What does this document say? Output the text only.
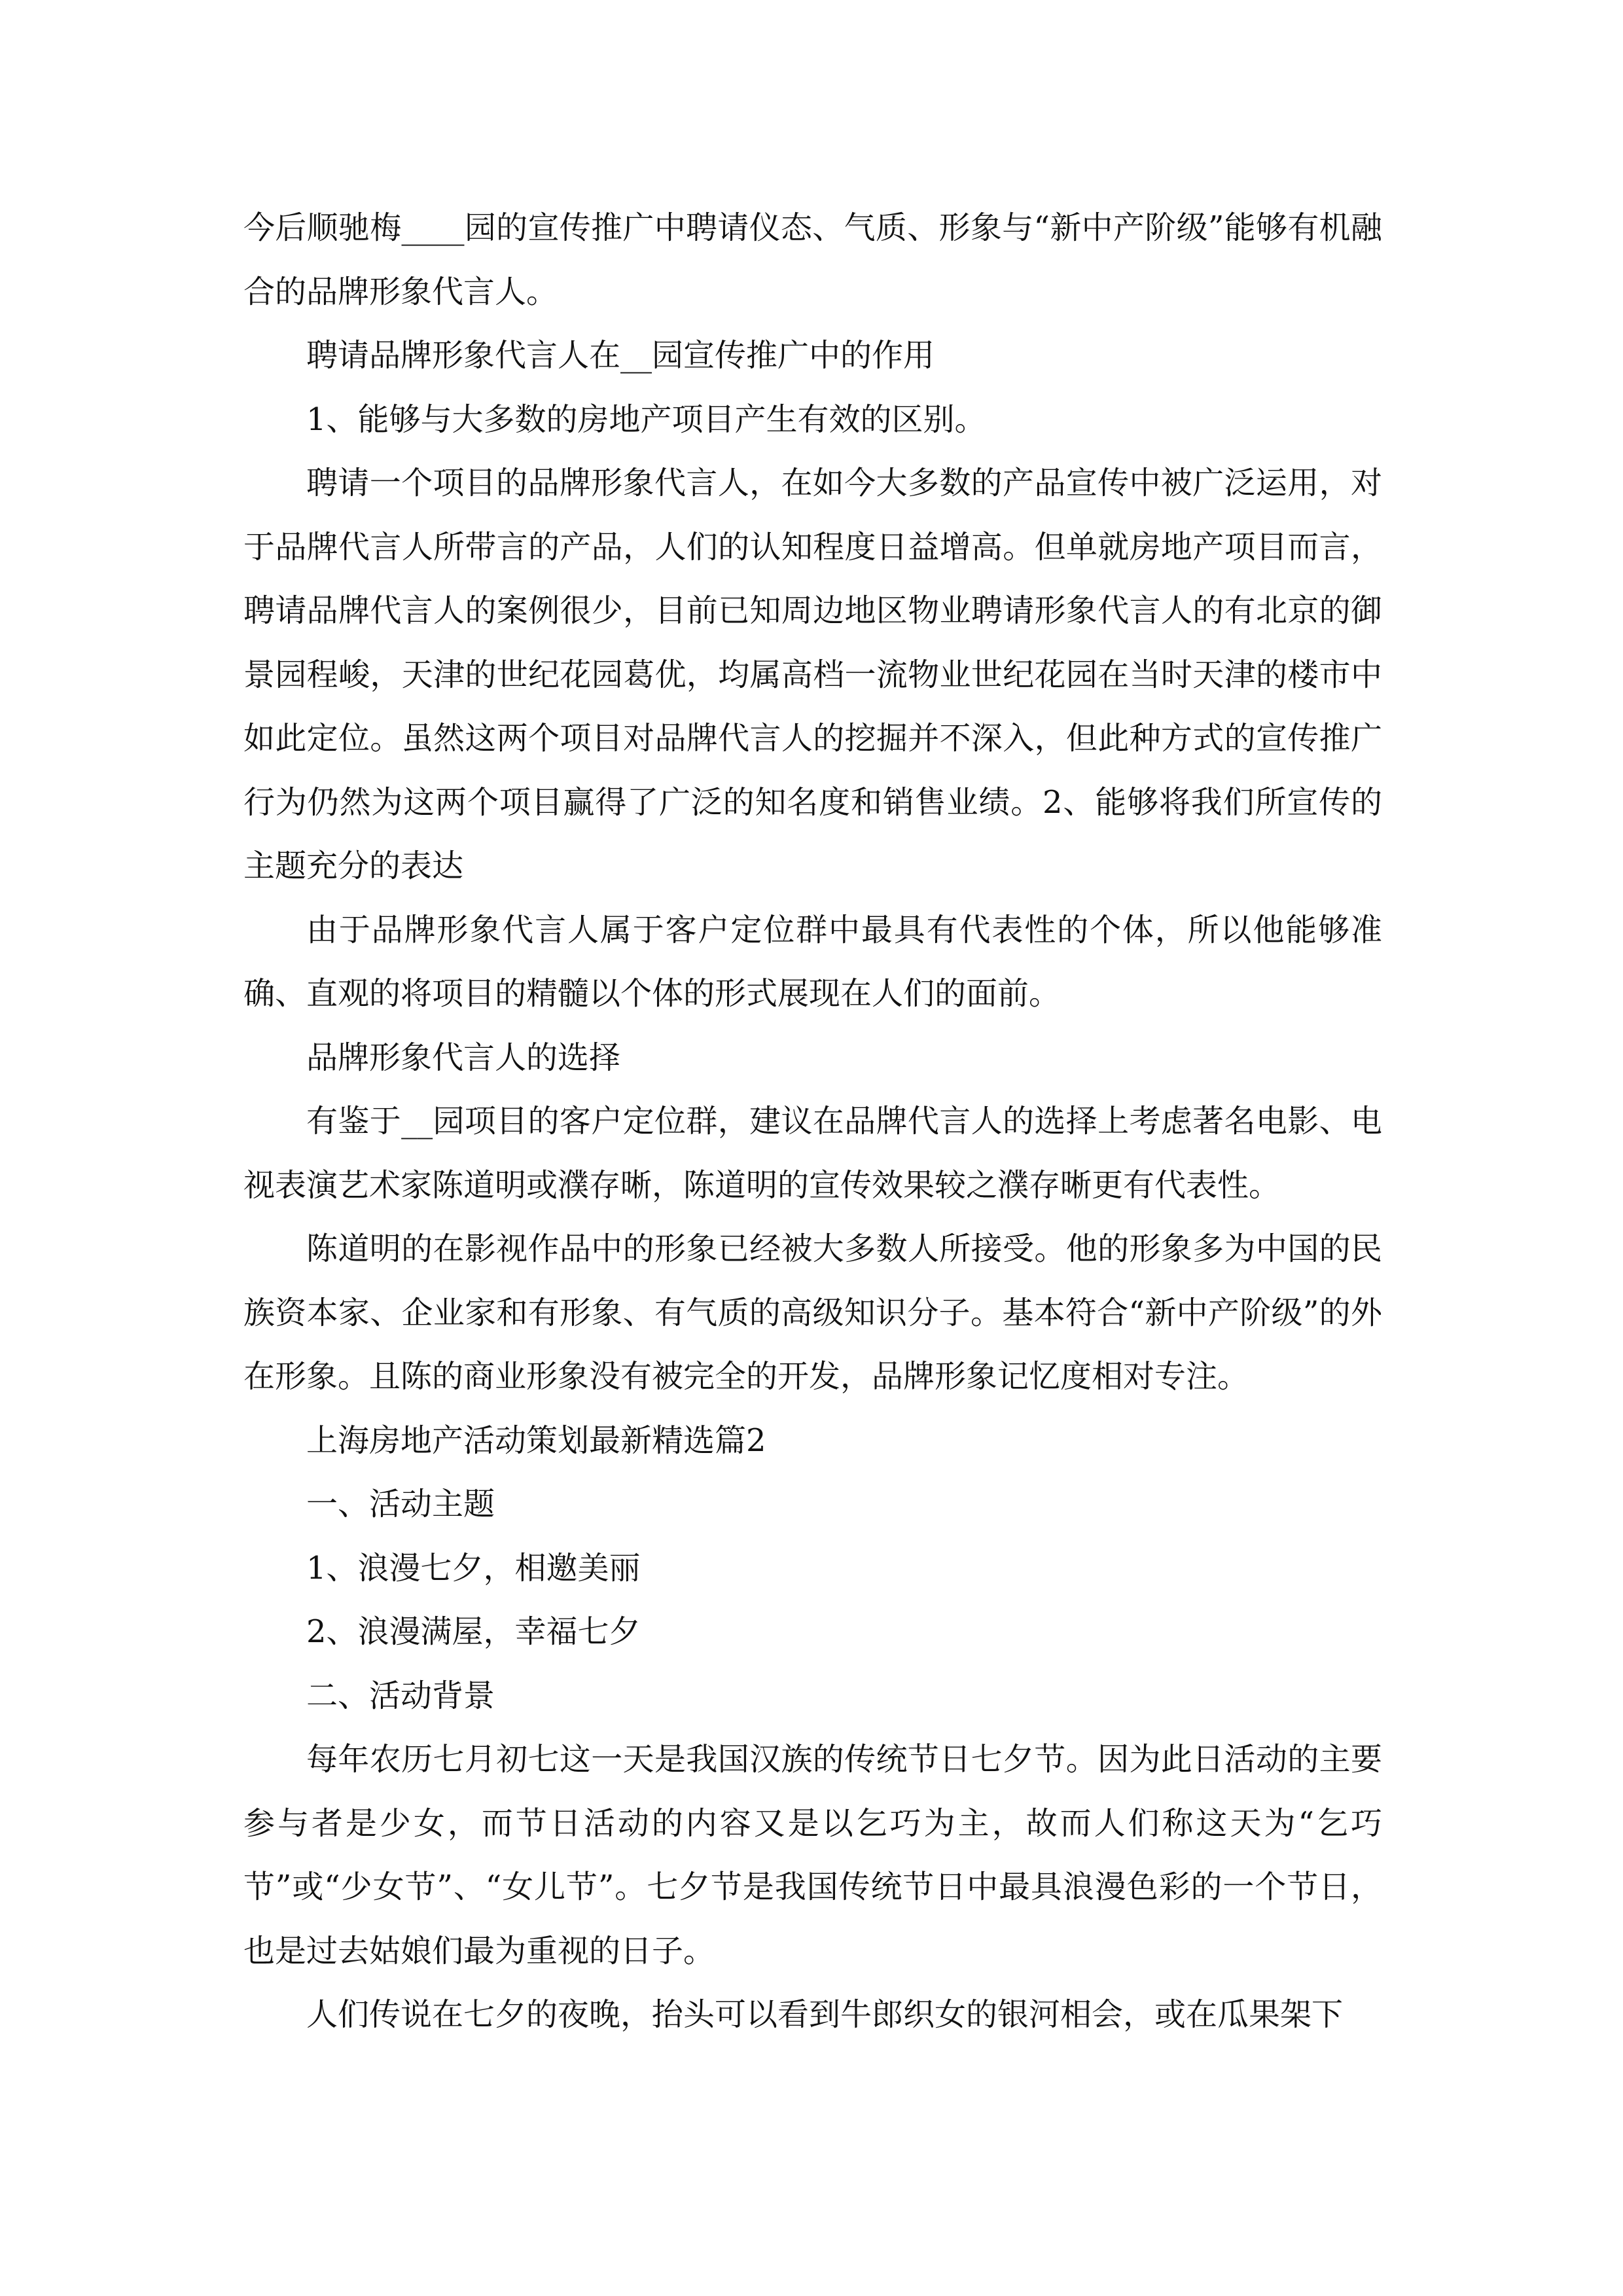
今后顺驰梅____园的宣传推广中聘请仪态、气质、形象与“新中产阶级”能够有机融合的品牌形象代言人。

聘请品牌形象代言人在__园宣传推广中的作用

1、能够与大多数的房地产项目产生有效的区别。

聘请一个项目的品牌形象代言人，在如今大多数的产品宣传中被广泛运用，对于品牌代言人所带言的产品，人们的认知程度日益增高。但单就房地产项目而言，聘请品牌代言人的案例很少，目前已知周边地区物业聘请形象代言人的有北京的御景园程峻，天津的世纪花园葛优，均属高档一流物业世纪花园在当时天津的楼市中如此定位。虽然这两个项目对品牌代言人的挖掘并不深入，但此种方式的宣传推广行为仍然为这两个项目赢得了广泛的知名度和销售业绩。2、能够将我们所宣传的主题充分的表达

由于品牌形象代言人属于客户定位群中最具有代表性的个体，所以他能够准确、直观的将项目的精髓以个体的形式展现在人们的面前。

品牌形象代言人的选择

有鉴于__园项目的客户定位群，建议在品牌代言人的选择上考虑著名电影、电视表演艺术家陈道明或濮存晰，陈道明的宣传效果较之濮存晰更有代表性。

陈道明的在影视作品中的形象已经被大多数人所接受。他的形象多为中国的民族资本家、企业家和有形象、有气质的高级知识分子。基本符合“新中产阶级”的外在形象。且陈的商业形象没有被完全的开发，品牌形象记忆度相对专注。

上海房地产活动策划最新精选篇2

一、活动主题

1、浪漫七夕，相邀美丽

2、浪漫满屋，幸福七夕

二、活动背景

每年农历七月初七这一天是我国汉族的传统节日七夕节。因为此日活动的主要参与者是少女，而节日活动的内容又是以乞巧为主，故而人们称这天为“乞巧节”或“少女节”、“女儿节”。七夕节是我国传统节日中最具浪漫色彩的一个节日，也是过去姑娘们最为重视的日子。

人们传说在七夕的夜晚，抬头可以看到牛郎织女的银河相会，或在瓜果架下
